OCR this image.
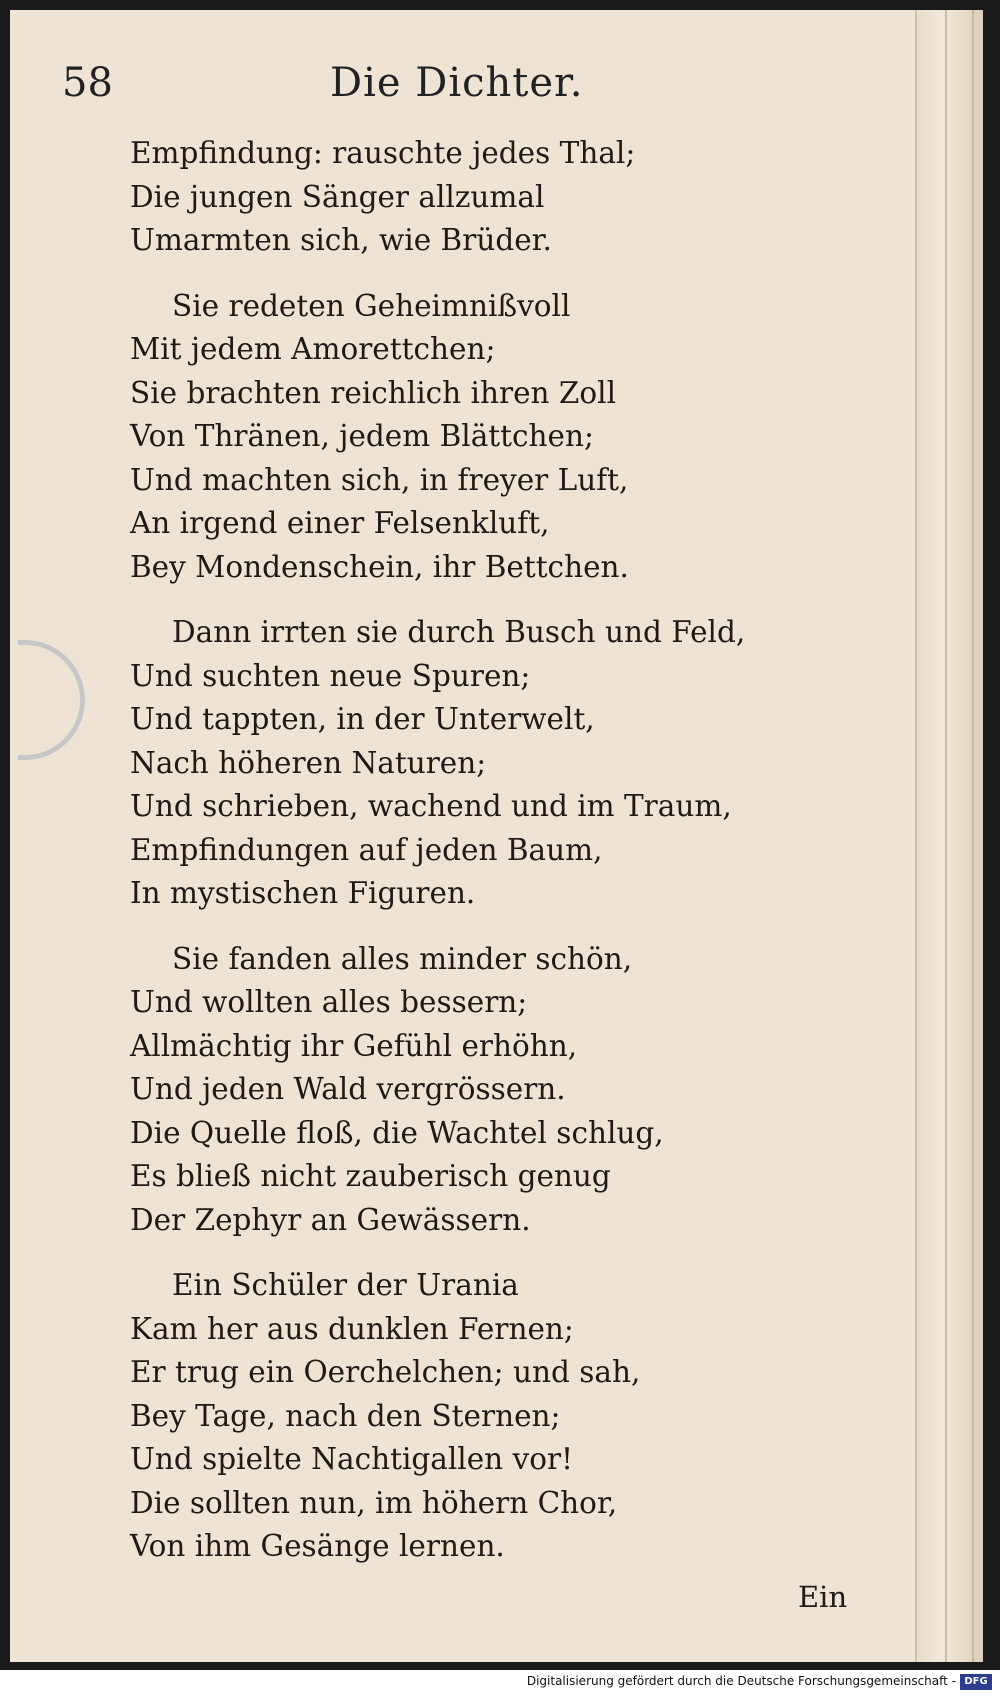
58	Die Dichter.
Empfindung: rauschte jedes Thal;
Die jungen Sänger allzumal
Umarmten sich, wie Brüder.
Sie redeten Geheimnißvoll
Mit jedem Amorettchen;
Sie brachten reichlich ihren Zoll
Von Thränen, jedem Blättchen;
Und machten sich, in freyer Luft,
An irgend einer Felsenkluft,
Bey Mondenschein, ihr Bettchen.
Dann irrten sie durch Busch und Feld,
Und suchten neue Spuren;
Und tappten, in der Unterwelt,
Nach höheren Naturen;
Und schrieben, wachend und im Traum,
Empfindungen auf jeden Baum,
In mystischen Figuren.
Sie fanden alles minder schön,
Und wollten alles bessern;
Allmächtig ihr Gefühl erhöhn,
Und jeden Wald vergrössern.
Die Quelle floß, die Wachtel schlug,
Es bließ nicht zauberisch genug
Der Zephyr an Gewässern.
Ein Schüler der Urania
Kam her aus dunklen Fernen;
Er trug ein Oerchelchen; und sah,
Bey Tage, nach den Sternen;
Und spielte Nachtigallen vor!
Die sollten nun, im höhern Chor,
Von ihm Gesänge lernen.
Ein
Digitalisierung gefördert durch die Deutsche Forschungsgemeinschaft - DFG
